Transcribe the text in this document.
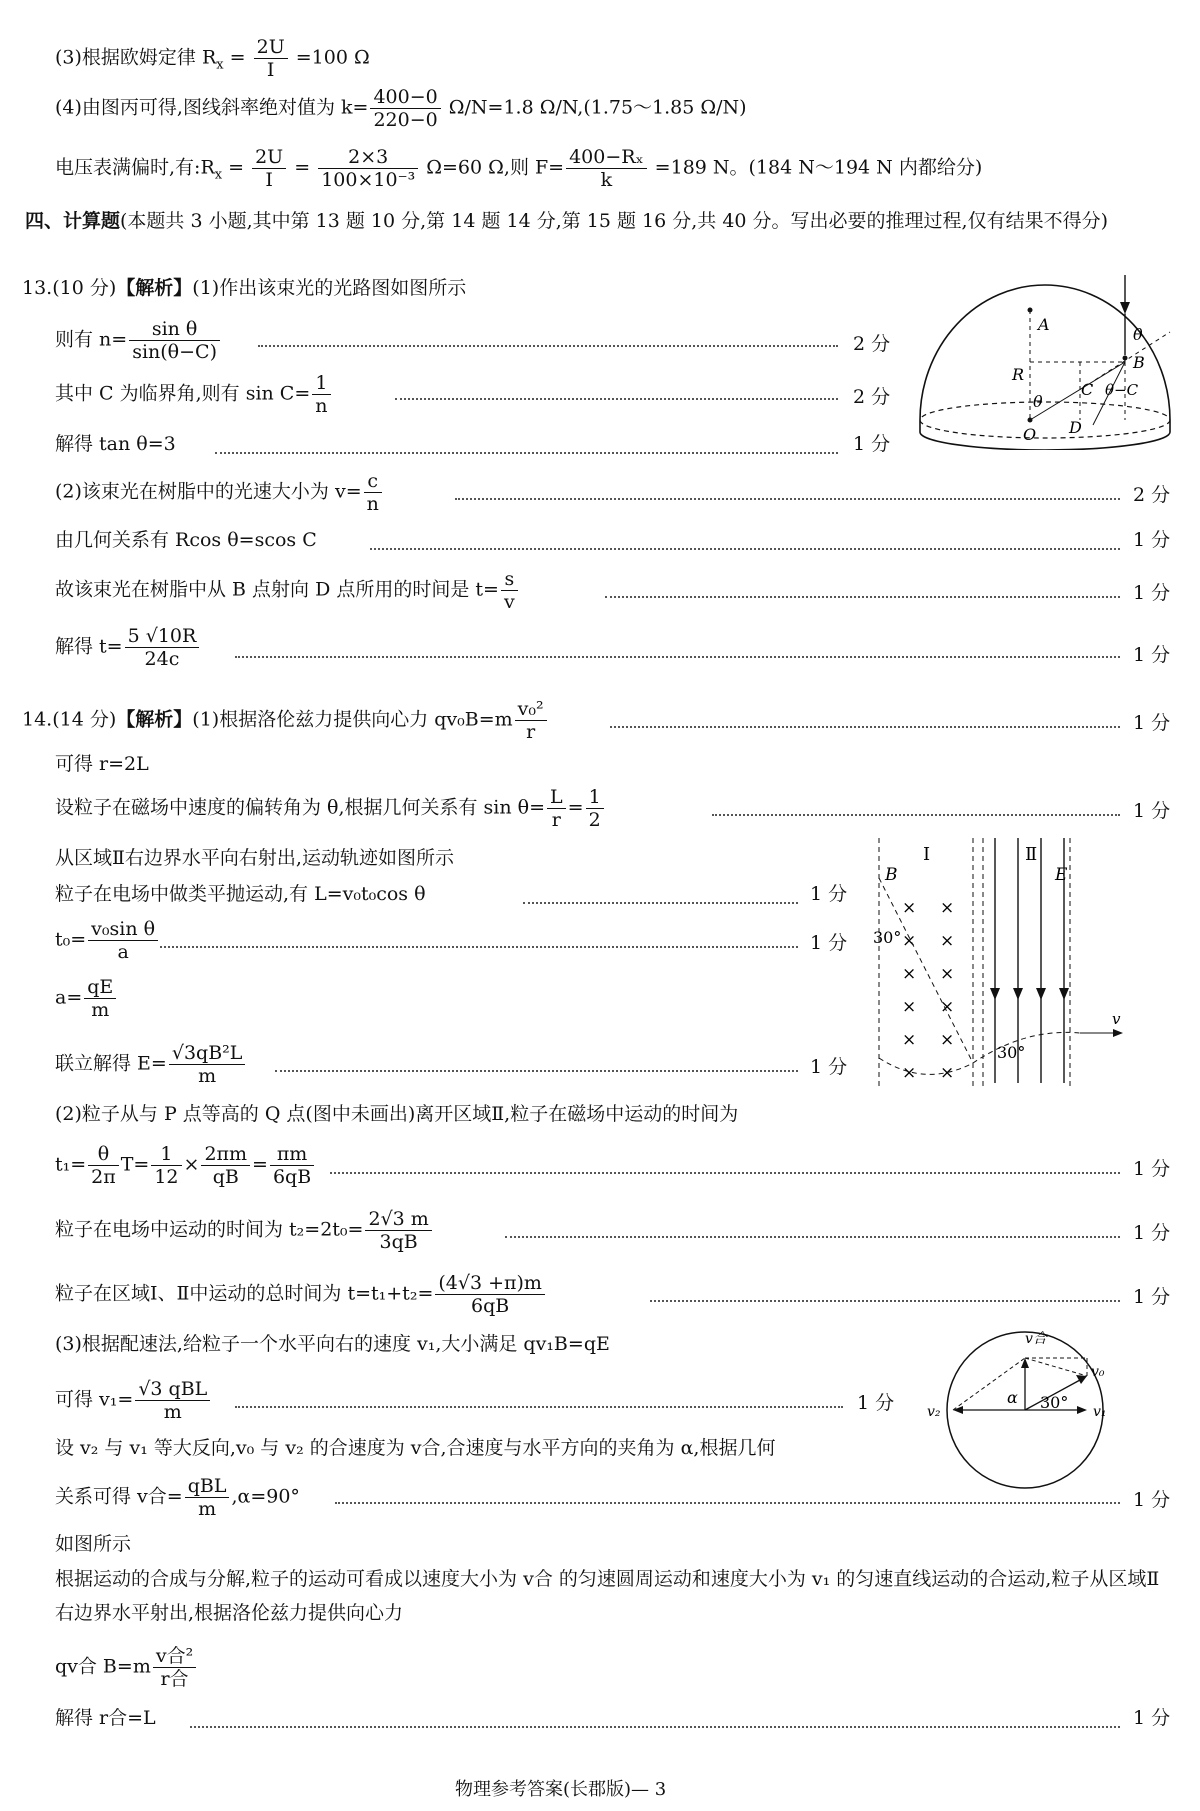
(3)根据欧姆定律 $R_x = \frac{2U}{I} =100$ Ω
(4)由图丙可得,图线斜率绝对值为 $k= \frac{400-0}{220-0} \Omega/N=1.8$ Ω/N,(1.75～1.85 Ω/N)
电压表满偏时,有$:R_x = \frac{2U}{I} = \frac{2\times 3}{\text{100×10⁻³}} \Omega=60$ Ω,则 $F= \frac{\text{400−Rₓ}}{k} =189$ N。(184 N～194 N 内都给分)
四、计算题(本题共 3 小题,其中第 13 题 10 分,第 14 题 14 分,第 15 题 16 分,共 40 分。写出必要的推理过程,仅有结果不得分)
13.(10 分)【解析】(1)作出该束光的光路图如图所示
则有 $n= \frac{\text{sin θ}}{\sin(\theta-C)}$	2 分
其中 C 为临界角,则有 $\sin C= \frac{1}{n}$	2 分
解得 tan θ=3	1 分
(2)该束光在树脂中的光速大小为 $v= \frac{c}{n}$	2 分
由几何关系有 Rcos θ=scos C	1 分
故该束光在树脂中从 B 点射向 D 点所用的时间是 $t= \frac{s}{v}$	1 分
解得 $t= \frac{5 √10R}{24c}$	1 分
A
R
B
C
D
O
θ
θ
θ−C
14.(14 分)【解析】(1)根据洛伦兹力提供向心力 $qv_0B=m \frac{\text{v₀²}}{r}$	1 分
可得 r=2L
设粒子在磁场中速度的偏转角为 θ,根据几何关系有 $\sin \theta= \frac{L}{r} = \frac{1}{2}$	1 分
从区域Ⅱ右边界水平向右射出,运动轨迹如图所示
粒子在电场中做类平抛运动,有 L=v₀t₀cos θ	1 分
$t_0= \frac{\text{v₀sin θ}}{a}$	1 分
$a= \frac{qE}{m}$
联立解得 $E= \frac{\text{√3qB²L}}{m}$	1 分
Ⅰ	Ⅱ
B	E
× ×
× ×
× ×
× ×
× ×
× ×
v
30°
30°
(2)粒子从与 P 点等高的 Q 点(图中未画出)离开区域Ⅱ,粒子在磁场中运动的时间为
$t_1= \frac{\theta}{2\pi} T= \frac{1}{12} \times \frac{2\pi m}{qB} = \frac{\pi m}{6qB}$	1 分
粒子在电场中运动的时间为 $t_2=2t_0= \frac{2√3 m}{3qB}$	1 分
粒子在区域Ⅰ、Ⅱ中运动的总时间为 $t=t_1+t_2= \frac{(4√3 +\pi)m}{6qB}$	1 分
(3)根据配速法,给粒子一个水平向右的速度 v₁,大小满足 qv₁B=qE
可得 $v_1= \frac{\text{√3 qBL}}{m}$	1 分
v合
v₀
v₁
v₂
α 30°
设 v₂ 与 v₁ 等大反向,v₀ 与 v₂ 的合速度为 v合,合速度与水平方向的夹角为 α,根据几何
关系可得 v合= $\frac{\text{qBL}}{m} ,\alpha=90^\circ$	1 分
如图所示
根据运动的合成与分解,粒子的运动可看成以速度大小为 v合 的匀速圆周运动和速度大小为 v₁ 的匀速直线运动的合运动,粒子从区域Ⅱ右边界水平射出,根据洛伦兹力提供向心力
qv合 $B=m \frac{\text{v合²}}{\text{r合}}$
解得 r合=L	1 分
物理参考答案(长郡版)— 3
